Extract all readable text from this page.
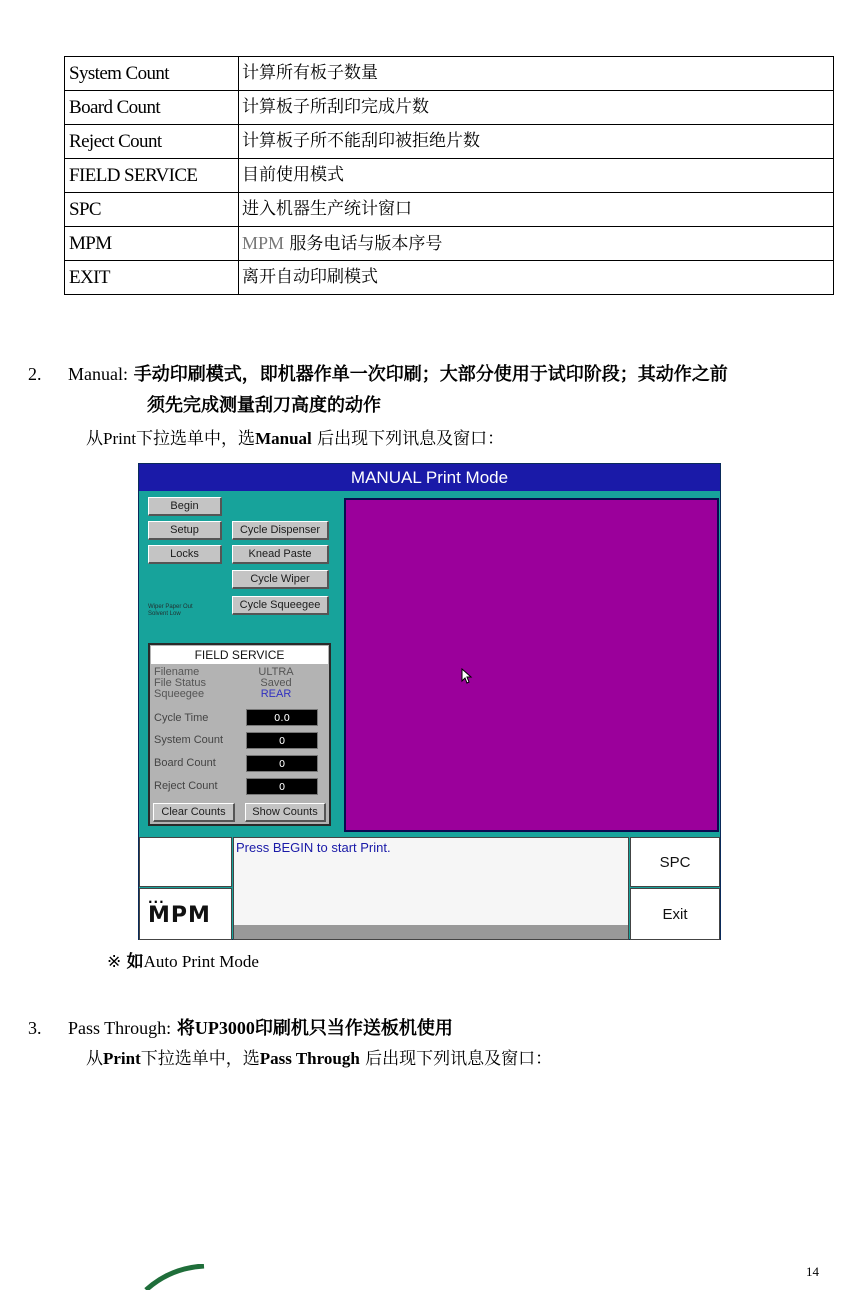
System Count	计算所有板子数量
Board Count	计算板子所刮印完成片数
Reject Count	计算板子所不能刮印被拒绝片数
FIELD SERVICE	目前使用模式
SPC	进入机器生产统计窗口
MPM	MPM 服务电话与版本序号
EXIT	离开自动印刷模式
2. Manual: 手动印刷模式，即机器作单一次印刷；大部分使用于试印阶段；其动作之前
须先完成测量刮刀高度的动作
从Print下拉选单中，选Manual 后出现下列讯息及窗口：
MANUAL Print Mode
Begin
Setup	Cycle Dispenser
Locks	Knead Paste
Cycle Wiper
Cycle Squeegee
Wiper Paper Out
Solvent Low
FIELD SERVICE
Filename	ULTRA
File Status	Saved
Squeegee	REAR
Cycle Time	0.0
System Count	0
Board Count	0
Reject Count	0
Clear Counts	Show Counts
...
MPM
Press BEGIN to start Print.
SPC
Exit
※ 如Auto Print Mode
3. Pass Through: 将UP3000印刷机只当作送板机使用
从Print下拉选单中，选Pass Through 后出现下列讯息及窗口：
14
